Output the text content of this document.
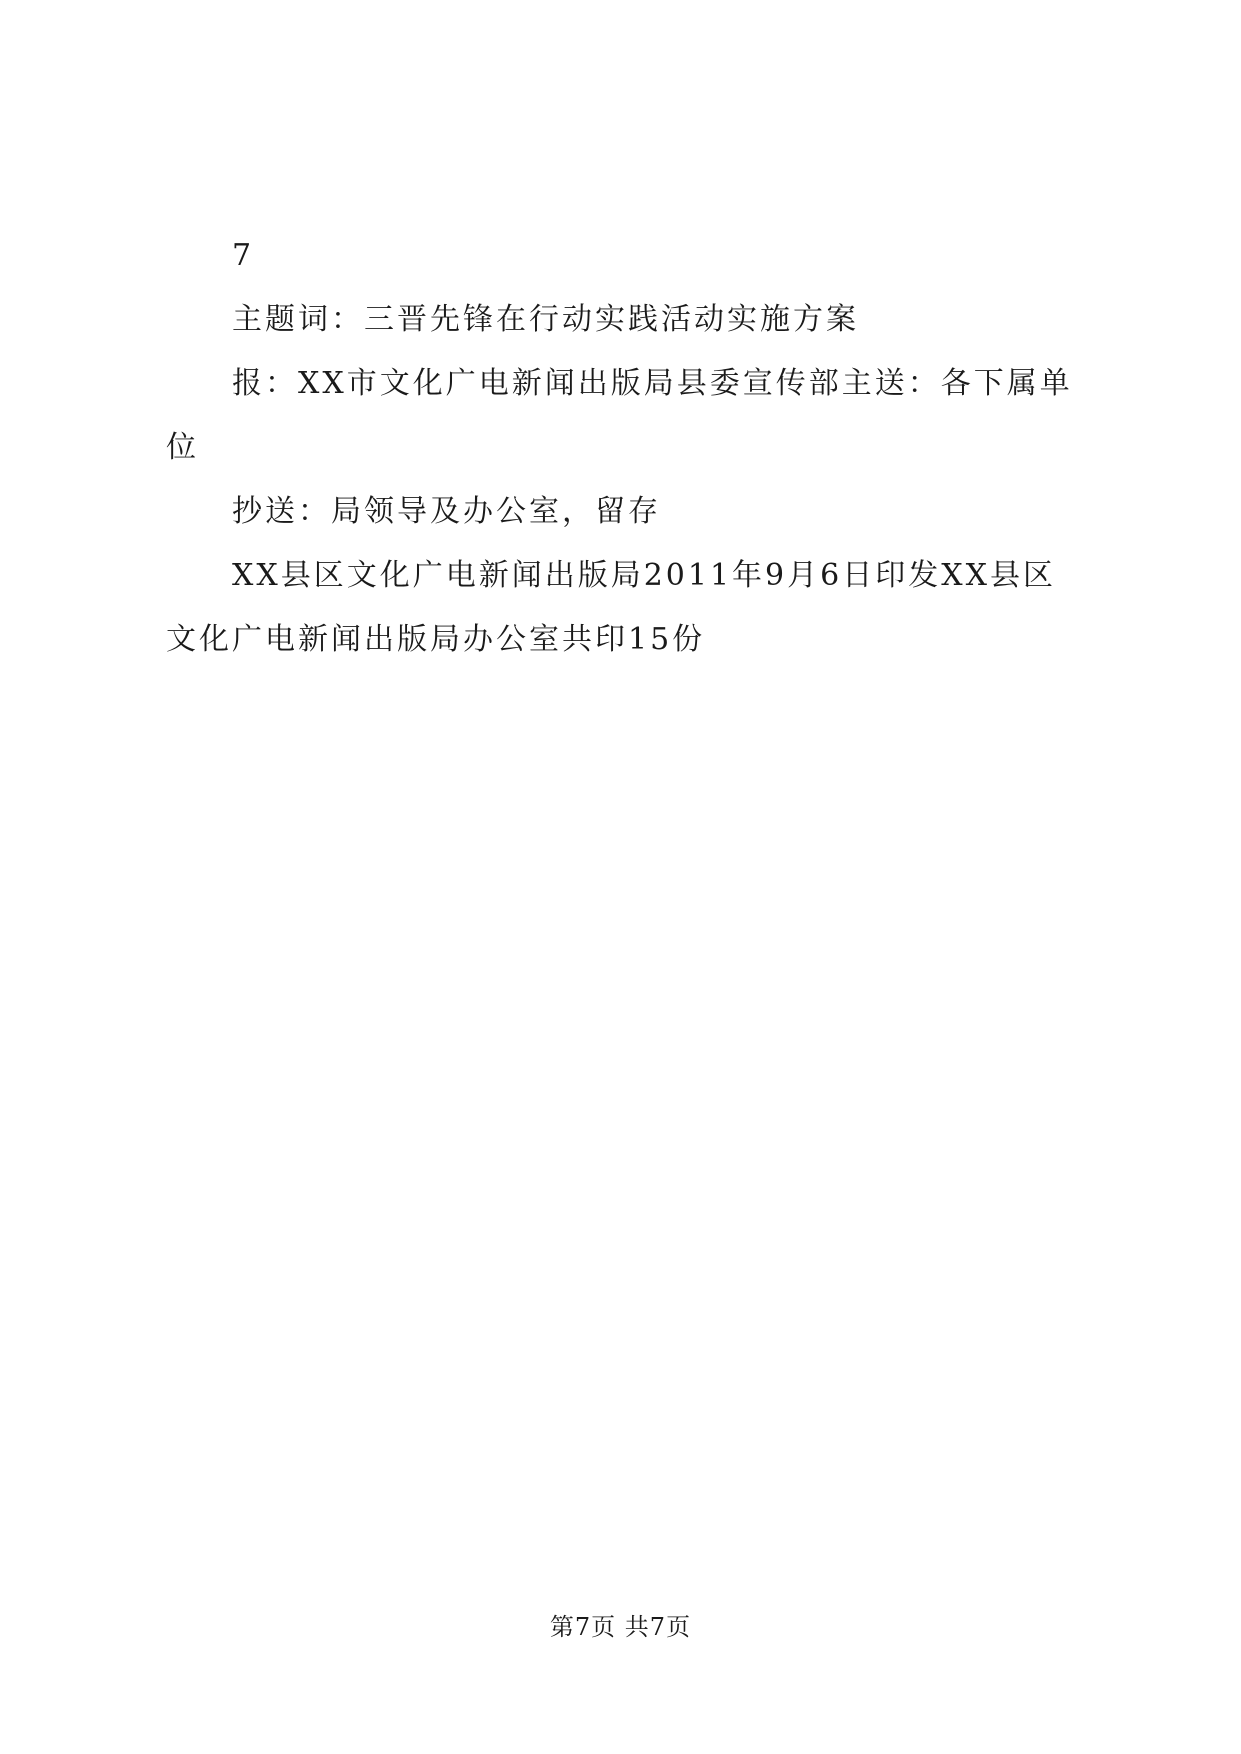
7

主题词：三晋先锋在行动实践活动实施方案

报：XX市文化广电新闻出版局县委宣传部主送：各下属单位

抄送：局领导及办公室，留存

XX县区文化广电新闻出版局2011年9月6日印发XX县区文化广电新闻出版局办公室共印15份

第7页 共7页
